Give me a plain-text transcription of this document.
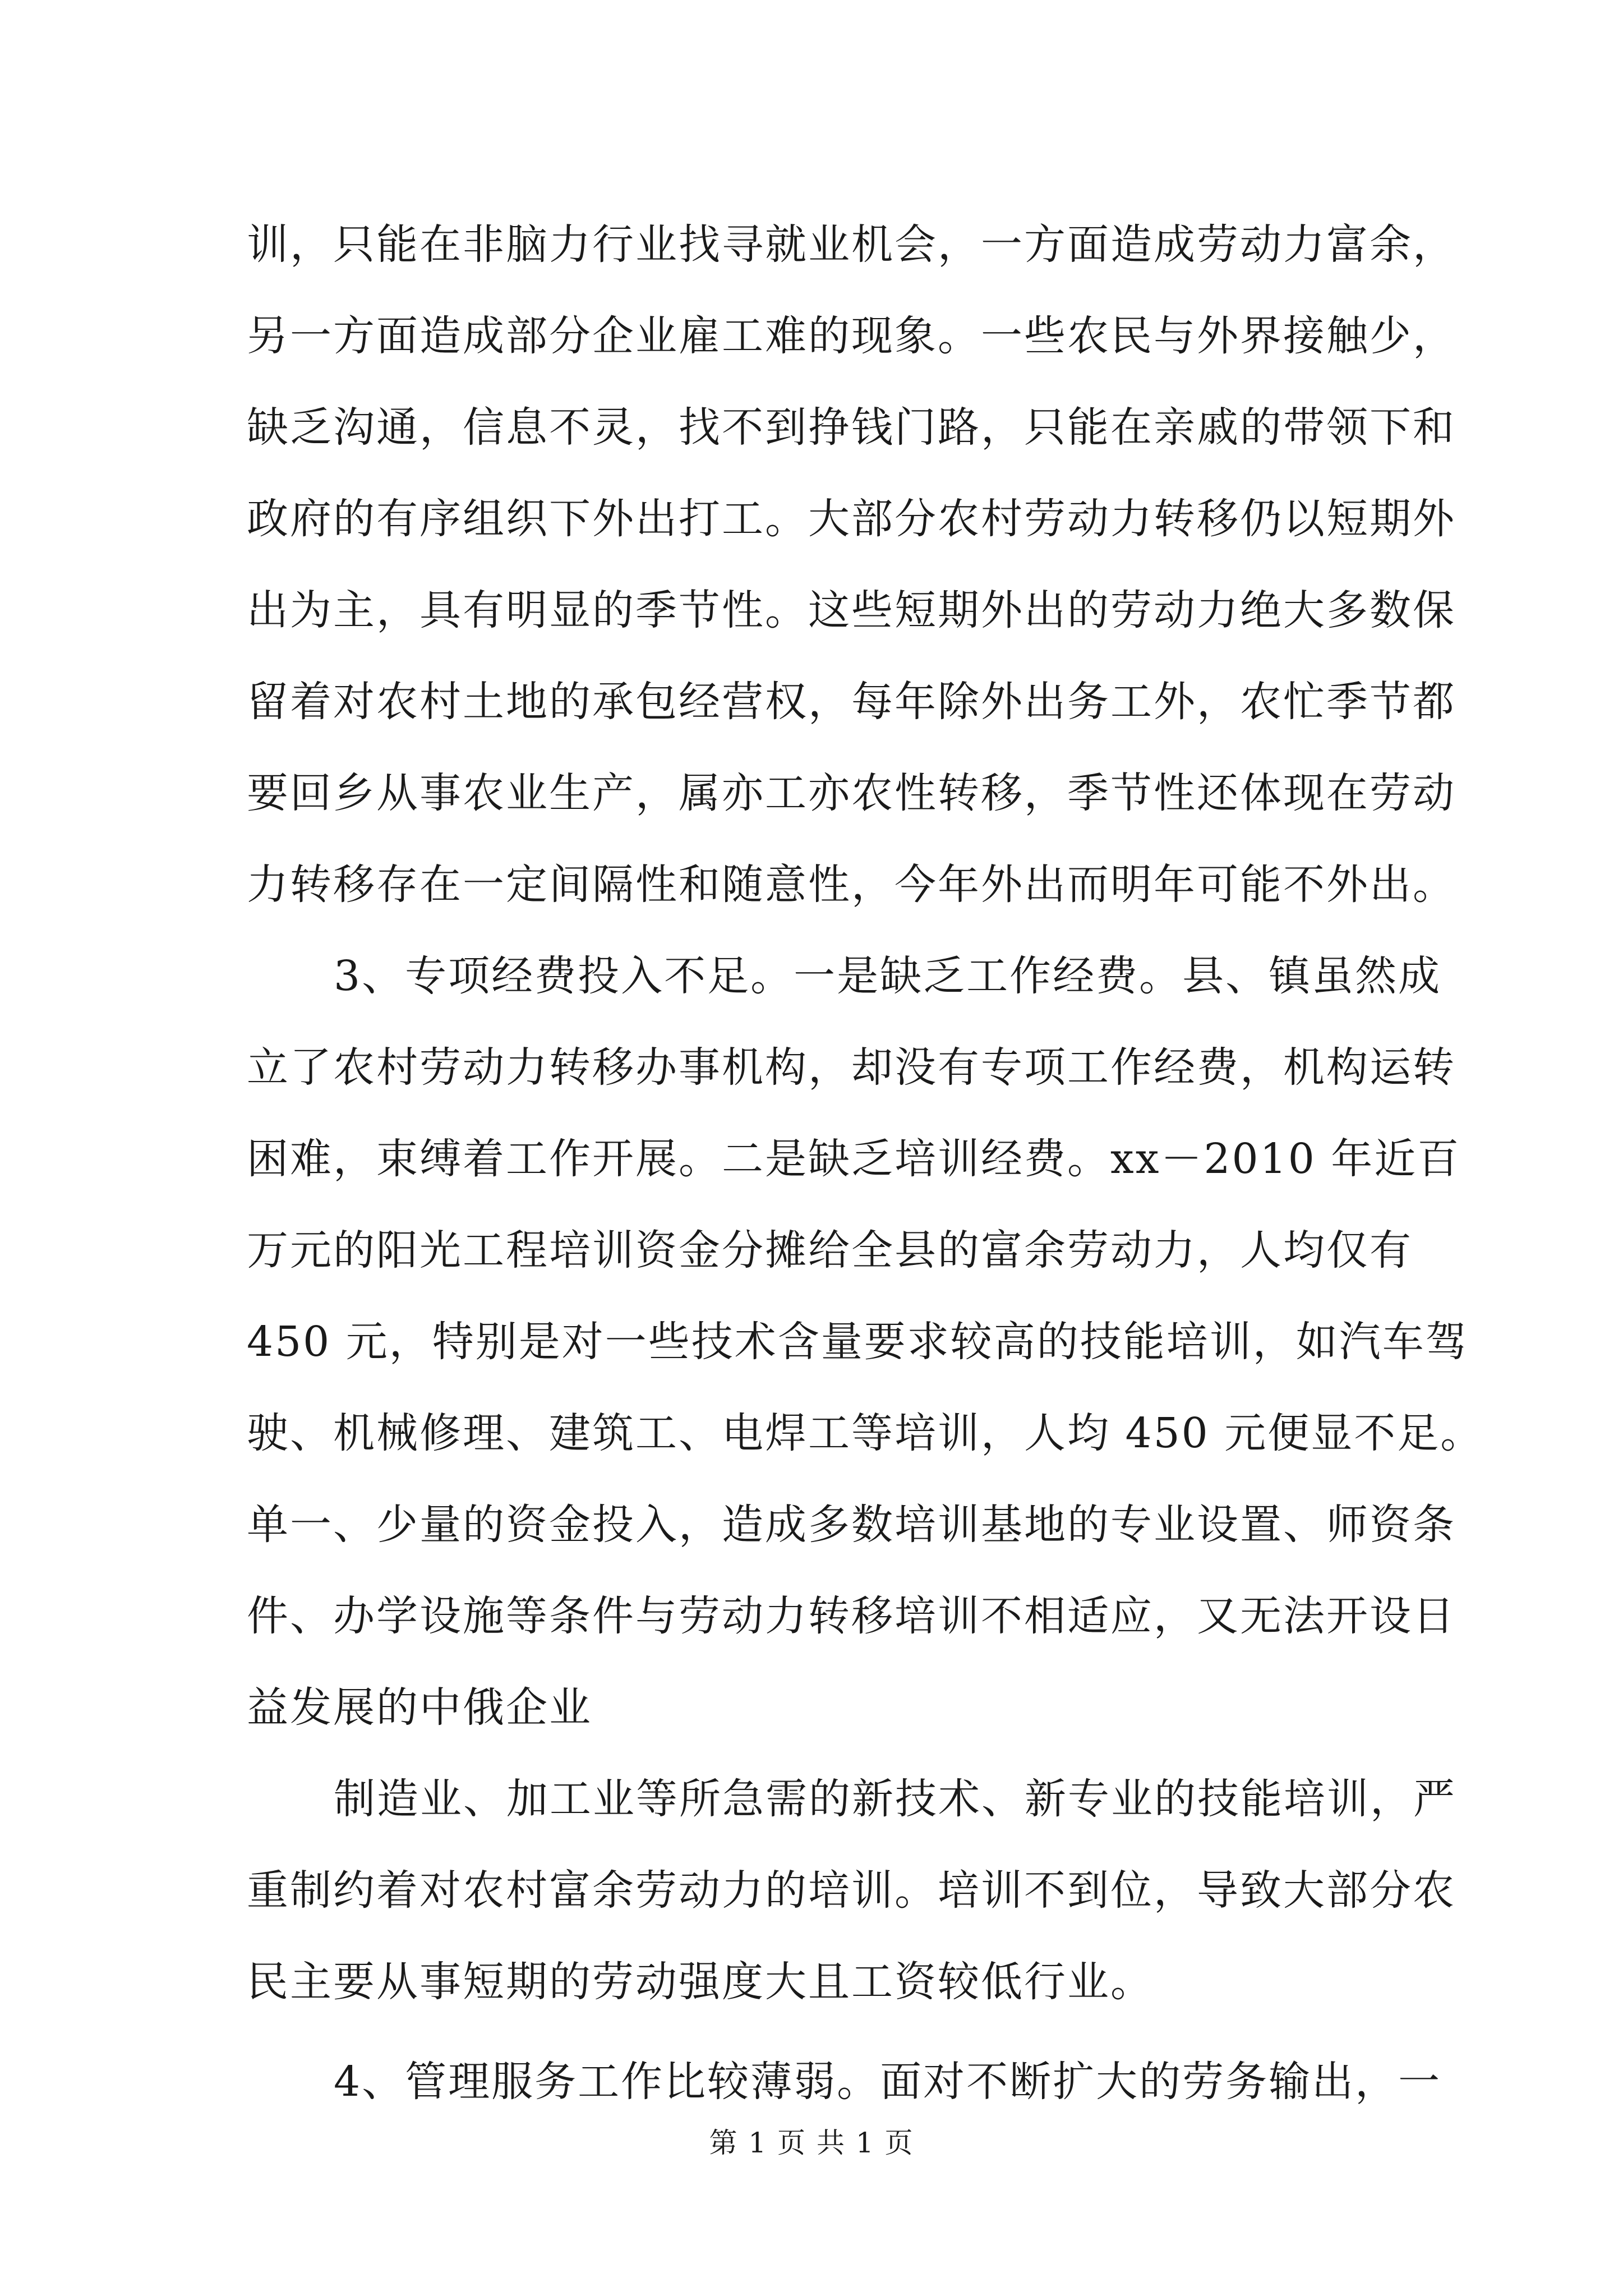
训，只能在非脑力行业找寻就业机会，一方面造成劳动力富余，
另一方面造成部分企业雇工难的现象。一些农民与外界接触少，
缺乏沟通，信息不灵，找不到挣钱门路，只能在亲戚的带领下和
政府的有序组织下外出打工。大部分农村劳动力转移仍以短期外
出为主，具有明显的季节性。这些短期外出的劳动力绝大多数保
留着对农村土地的承包经营权，每年除外出务工外，农忙季节都
要回乡从事农业生产，属亦工亦农性转移，季节性还体现在劳动
力转移存在一定间隔性和随意性，今年外出而明年可能不外出。
3、专项经费投入不足。一是缺乏工作经费。县、镇虽然成
立了农村劳动力转移办事机构，却没有专项工作经费，机构运转
困难，束缚着工作开展。二是缺乏培训经费。xx－2010 年近百
万元的阳光工程培训资金分摊给全县的富余劳动力，人均仅有
450 元，特别是对一些技术含量要求较高的技能培训，如汽车驾
驶、机械修理、建筑工、电焊工等培训，人均 450 元便显不足。
单一、少量的资金投入，造成多数培训基地的专业设置、师资条
件、办学设施等条件与劳动力转移培训不相适应，又无法开设日
益发展的中俄企业
制造业、加工业等所急需的新技术、新专业的技能培训，严
重制约着对农村富余劳动力的培训。培训不到位，导致大部分农
民主要从事短期的劳动强度大且工资较低行业。
4、管理服务工作比较薄弱。面对不断扩大的劳务输出，一
第 1 页 共 1 页
